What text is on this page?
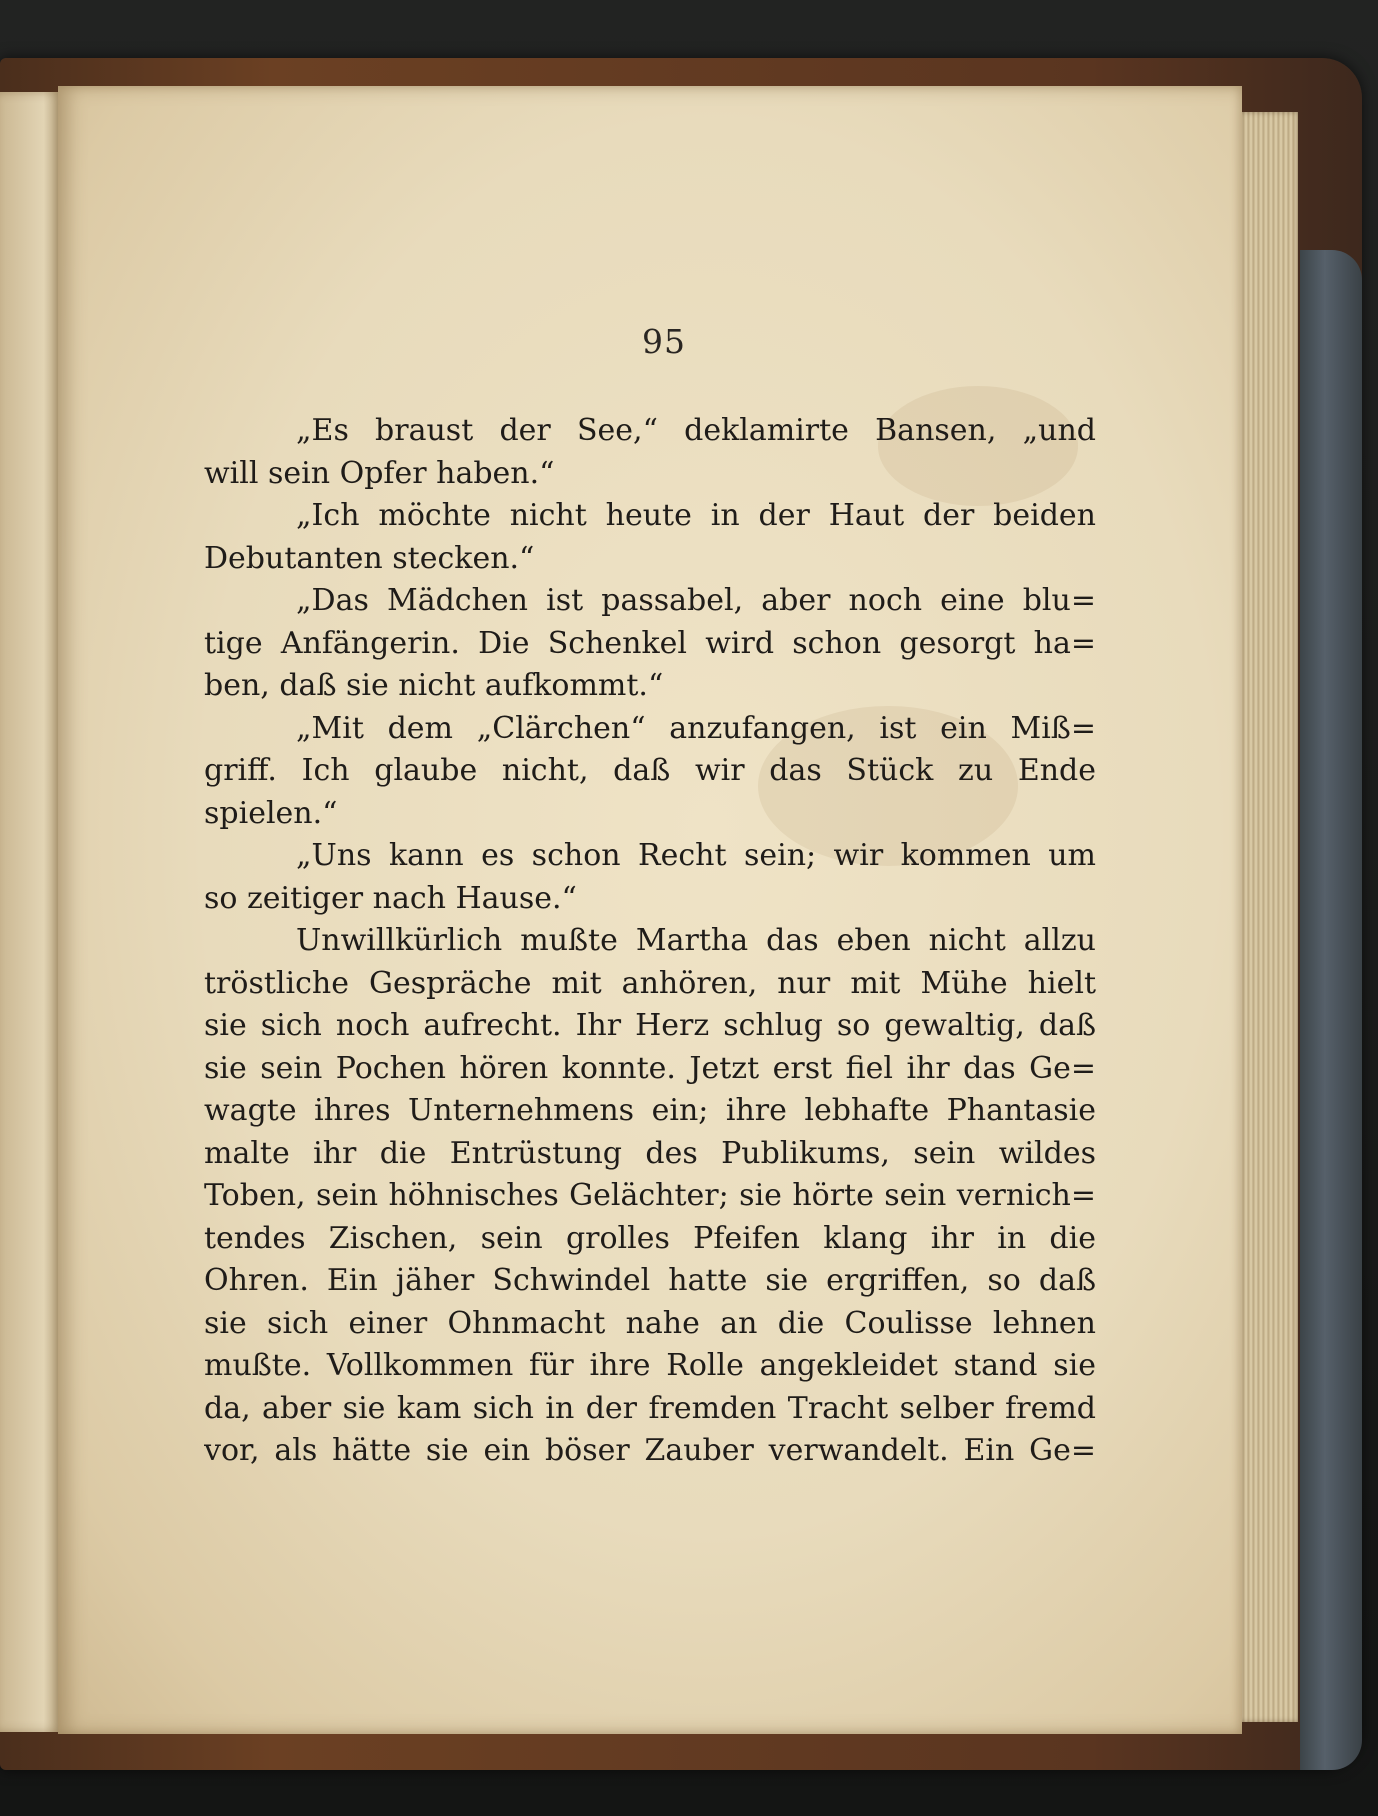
95
„Es braust der See,“ deklamirte Bansen, „und
will sein Opfer haben.“
„Ich möchte nicht heute in der Haut der beiden
Debutanten stecken.“
„Das Mädchen ist passabel, aber noch eine blu=
tige Anfängerin. Die Schenkel wird schon gesorgt ha=
ben, daß sie nicht aufkommt.“
„Mit dem „Clärchen“ anzufangen, ist ein Miß=
griff. Ich glaube nicht, daß wir das Stück zu Ende
spielen.“
„Uns kann es schon Recht sein; wir kommen um
so zeitiger nach Hause.“
Unwillkürlich mußte Martha das eben nicht allzu
tröstliche Gespräche mit anhören, nur mit Mühe hielt
sie sich noch aufrecht. Ihr Herz schlug so gewaltig, daß
sie sein Pochen hören konnte. Jetzt erst fiel ihr das Ge=
wagte ihres Unternehmens ein; ihre lebhafte Phantasie
malte ihr die Entrüstung des Publikums, sein wildes
Toben, sein höhnisches Gelächter; sie hörte sein vernich=
tendes Zischen, sein grolles Pfeifen klang ihr in die
Ohren. Ein jäher Schwindel hatte sie ergriffen, so daß
sie sich einer Ohnmacht nahe an die Coulisse lehnen
mußte. Vollkommen für ihre Rolle angekleidet stand sie
da, aber sie kam sich in der fremden Tracht selber fremd
vor, als hätte sie ein böser Zauber verwandelt. Ein Ge=
